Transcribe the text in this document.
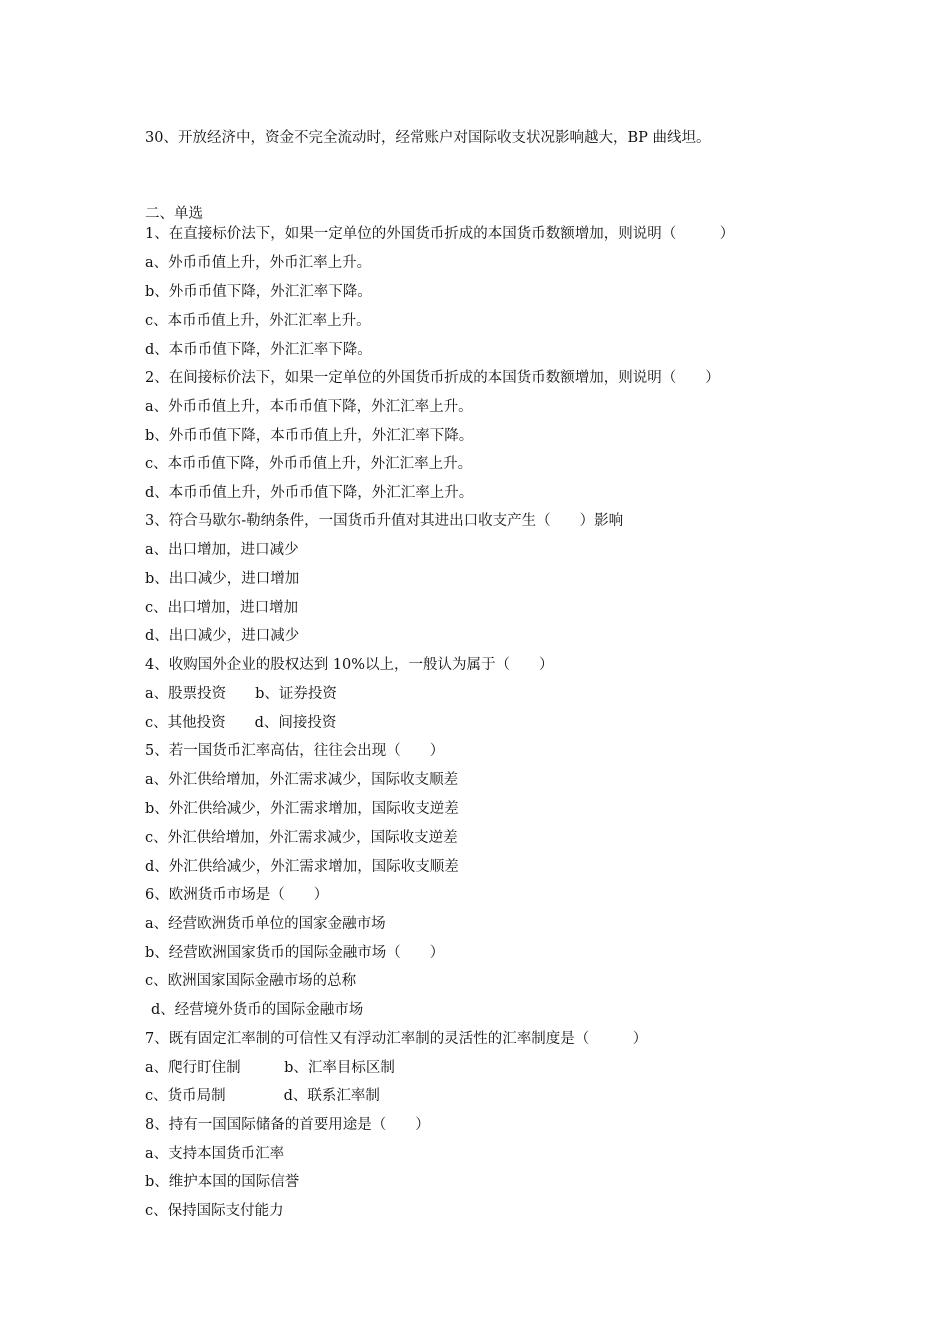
30、开放经济中，资金不完全流动时，经常账户对国际收支状况影响越大，BP 曲线坦。
二、单选
1、在直接标价法下，如果一定单位的外国货币折成的本国货币数额增加，则说明（　　　）
a、外币币值上升，外币汇率上升。
b、外币币值下降，外汇汇率下降。
c、本币币值上升，外汇汇率上升。
d、本币币值下降，外汇汇率下降。
2、在间接标价法下，如果一定单位的外国货币折成的本国货币数额增加，则说明（　　）
a、外币币值上升，本币币值下降，外汇汇率上升。
b、外币币值下降，本币币值上升，外汇汇率下降。
c、本币币值下降，外币币值上升，外汇汇率上升。
d、本币币值上升，外币币值下降，外汇汇率上升。
3、符合马歇尔-勒纳条件，一国货币升值对其进出口收支产生（　　）影响
a、出口增加，进口减少
b、出口减少，进口增加
c、出口增加，进口增加
d、出口减少，进口减少
4、收购国外企业的股权达到 10%以上，一般认为属于（　　）
a、股票投资　　b、证券投资
c、其他投资　　d、间接投资
5、若一国货币汇率高估，往往会出现（　　）
a、外汇供给增加，外汇需求减少，国际收支顺差
b、外汇供给减少，外汇需求增加，国际收支逆差
c、外汇供给增加，外汇需求减少，国际收支逆差
d、外汇供给减少，外汇需求增加，国际收支顺差
6、欧洲货币市场是（　　）
a、经营欧洲货币单位的国家金融市场
b、经营欧洲国家货币的国际金融市场（　　）
c、欧洲国家国际金融市场的总称
d、经营境外货币的国际金融市场
7、既有固定汇率制的可信性又有浮动汇率制的灵活性的汇率制度是（　　　）
a、爬行盯住制　　　b、汇率目标区制
c、货币局制　　　　d、联系汇率制
8、持有一国国际储备的首要用途是（　　）
a、支持本国货币汇率
b、维护本国的国际信誉
c、保持国际支付能力
